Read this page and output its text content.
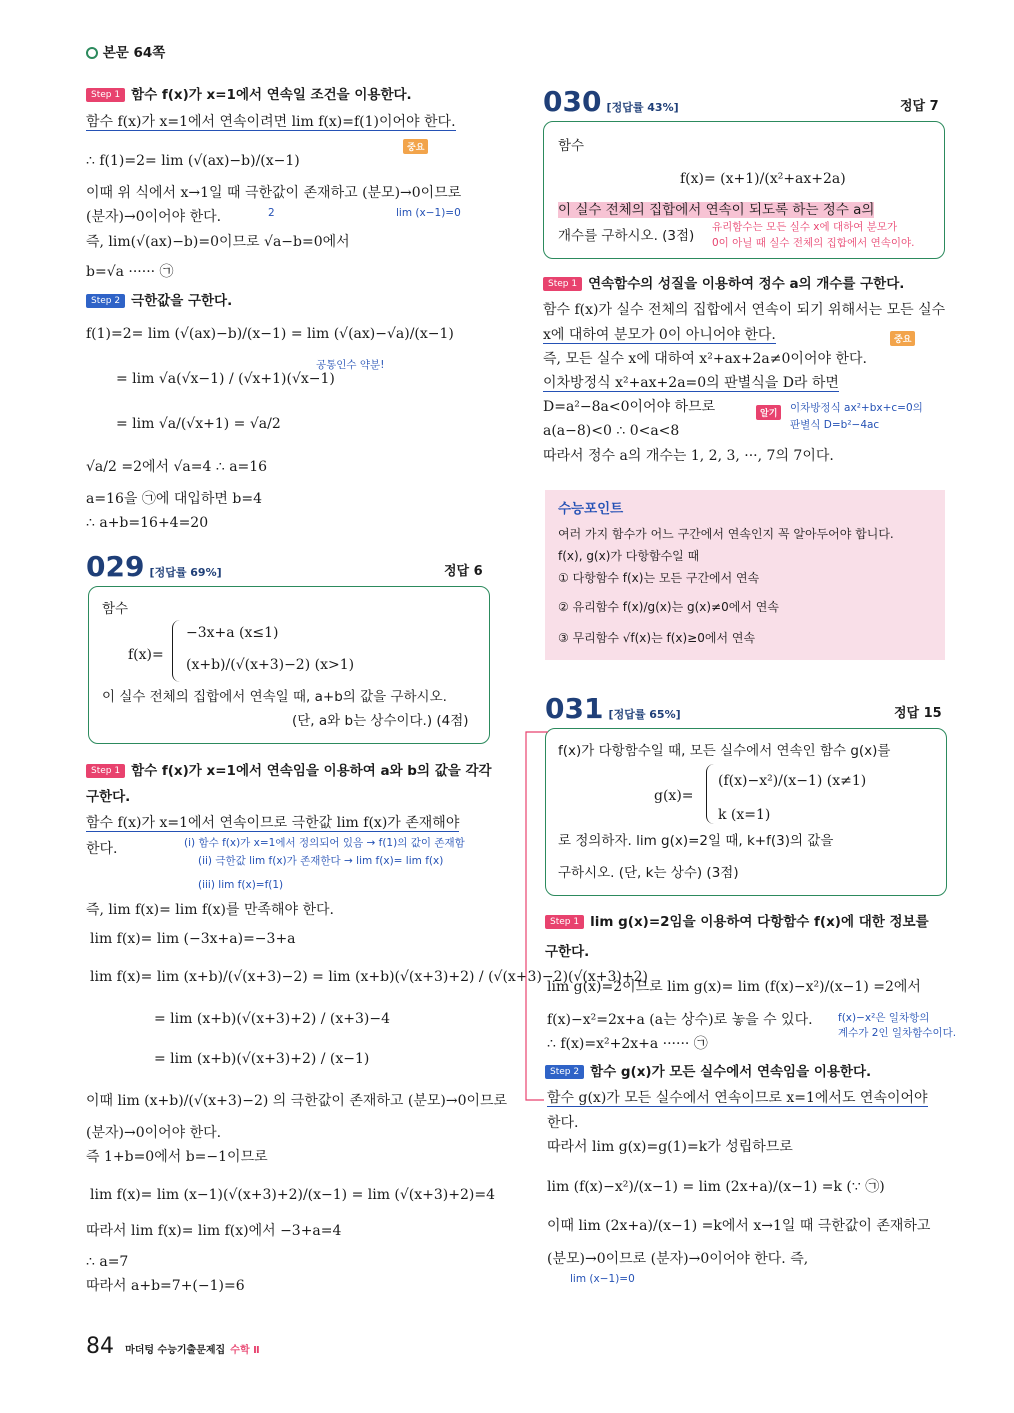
본문 64쪽
Step 1 함수 f(x)가 x=1에서 연속일 조건을 이용한다.
함수 f(x)가 x=1에서 연속이려면 lim f(x)=f(1)이어야 한다.
중요
∴ f(1)=2= lim (√(ax)−b)/(x−1)
이때 위 식에서 x→1일 때 극한값이 존재하고 (분모)→0이므로
(분자)→0이어야 한다.	2	lim (x−1)=0
즉, lim(√(ax)−b)=0이므로 √a−b=0에서
b=√a ······ ㉠
Step 2 극한값을 구한다.
f(1)=2= lim (√(ax)−b)/(x−1) = lim (√(ax)−√a)/(x−1)
= lim √a(√x−1) / (√x+1)(√x−1)
공통인수 약분!
= lim √a/(√x+1) = √a/2
√a/2 =2에서 √a=4 ∴ a=16
a=16을 ㉠에 대입하면 b=4
∴ a+b=16+4=20
029 [정답률 69%]	정답 6
함수
f(x)=
−3x+a (x≤1)
(x+b)/(√(x+3)−2) (x>1)
이 실수 전체의 집합에서 연속일 때, a+b의 값을 구하시오.
(단, a와 b는 상수이다.) (4점)
Step 1 함수 f(x)가 x=1에서 연속임을 이용하여 a와 b의 값을 각각
구한다.
함수 f(x)가 x=1에서 연속이므로 극한값 lim f(x)가 존재해야
한다.	(i) 함수 f(x)가 x=1에서 정의되어 있음 → f(1)의 값이 존재함
(ii) 극한값 lim f(x)가 존재한다 → lim f(x)= lim f(x)
(iii) lim f(x)=f(1)
즉, lim f(x)= lim f(x)를 만족해야 한다.
lim f(x)= lim (−3x+a)=−3+a
lim f(x)= lim (x+b)/(√(x+3)−2) = lim (x+b)(√(x+3)+2) / (√(x+3)−2)(√(x+3)+2)
= lim (x+b)(√(x+3)+2) / (x+3)−4
= lim (x+b)(√(x+3)+2) / (x−1)
이때 lim (x+b)/(√(x+3)−2) 의 극한값이 존재하고 (분모)→0이므로
(분자)→0이어야 한다.
즉 1+b=0에서 b=−1이므로
lim f(x)= lim (x−1)(√(x+3)+2)/(x−1) = lim (√(x+3)+2)=4
따라서 lim f(x)= lim f(x)에서 −3+a=4
∴ a=7
따라서 a+b=7+(−1)=6
84 마더텅 수능기출문제집 수학 Ⅱ
030 [정답률 43%]	정답 7
함수
f(x)= (x+1)/(x²+ax+2a)
이 실수 전체의 집합에서 연속이 되도록 하는 정수 a의
개수를 구하시오. (3점)
유리함수는 모든 실수 x에 대하여 분모가
0이 아닐 때 실수 전체의 집합에서 연속이야.
Step 1 연속함수의 성질을 이용하여 정수 a의 개수를 구한다.
함수 f(x)가 실수 전체의 집합에서 연속이 되기 위해서는 모든 실수
x에 대하여 분모가 0이 아니어야 한다.	중요
즉, 모든 실수 x에 대하여 x²+ax+2a≠0이어야 한다.
이차방정식 x²+ax+2a=0의 판별식을 D라 하면
D=a²−8a<0이어야 하므로
a(a−8)<0 ∴ 0<a<8
따라서 정수 a의 개수는 1, 2, 3, ···, 7의 7이다.
알기	이차방정식 ax²+bx+c=0의
판별식 D=b²−4ac
수능포인트
여러 가지 함수가 어느 구간에서 연속인지 꼭 알아두어야 합니다.
f(x), g(x)가 다항함수일 때
① 다항함수 f(x)는 모든 구간에서 연속
② 유리함수 f(x)/g(x)는 g(x)≠0에서 연속
③ 무리함수 √f(x)는 f(x)≥0에서 연속
031 [정답률 65%]	정답 15
f(x)가 다항함수일 때, 모든 실수에서 연속인 함수 g(x)를
g(x)=
(f(x)−x²)/(x−1) (x≠1)
k (x=1)
로 정의하자. lim g(x)=2일 때, k+f(3)의 값을
구하시오. (단, k는 상수) (3점)
Step 1 lim g(x)=2임을 이용하여 다항함수 f(x)에 대한 정보를
구한다.
lim g(x)=2이므로 lim g(x)= lim (f(x)−x²)/(x−1) =2에서
f(x)−x²=2x+a (a는 상수)로 놓을 수 있다. f(x)−x²은 일차항의
계수가 2인 일차함수이다.
∴ f(x)=x²+2x+a ······ ㉠
Step 2 함수 g(x)가 모든 실수에서 연속임을 이용한다.
함수 g(x)가 모든 실수에서 연속이므로 x=1에서도 연속이어야
한다.
따라서 lim g(x)=g(1)=k가 성립하므로
lim (f(x)−x²)/(x−1) = lim (2x+a)/(x−1) =k (∵ ㉠)
이때 lim (2x+a)/(x−1) =k에서 x→1일 때 극한값이 존재하고
(분모)→0이므로 (분자)→0이어야 한다. 즉,
lim (x−1)=0
